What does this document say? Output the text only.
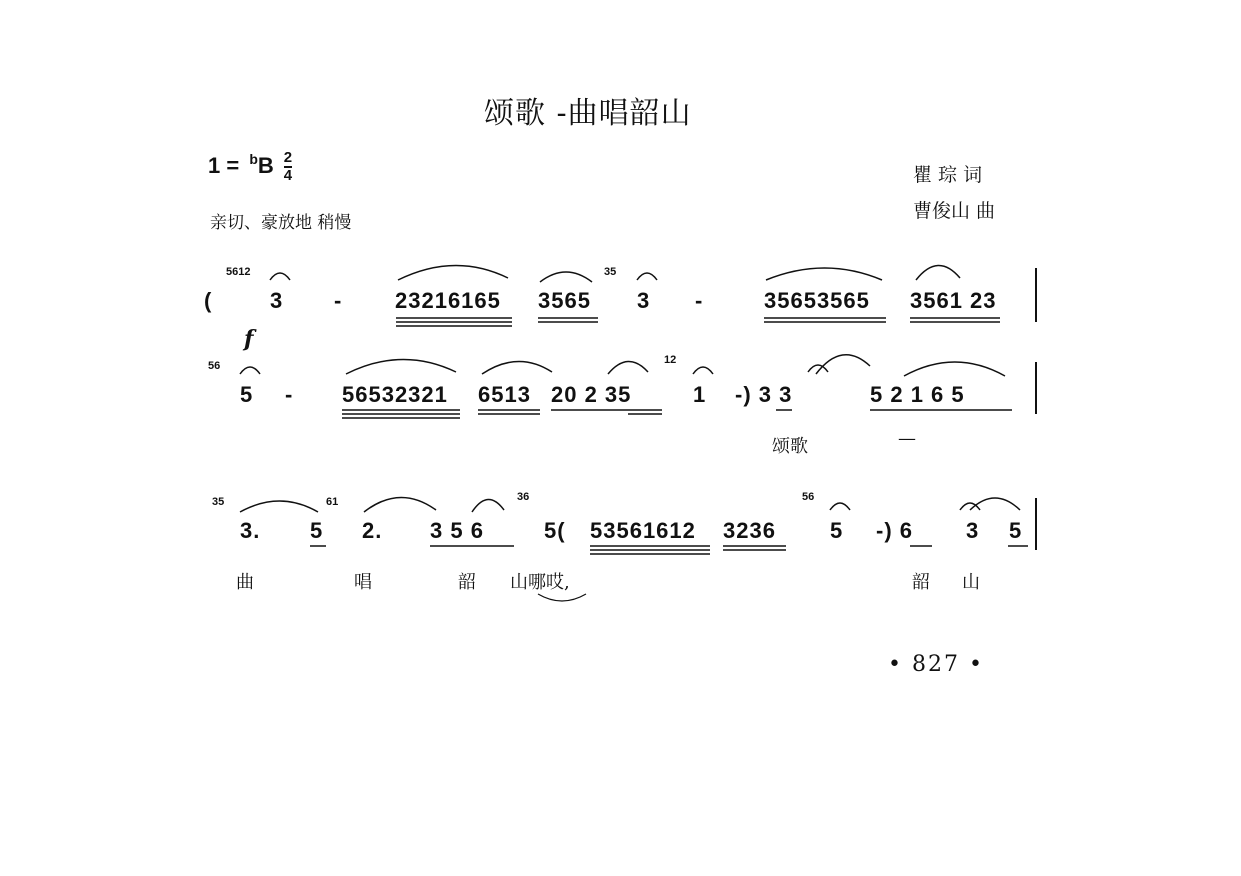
颂歌 -曲唱韶山
$1 = ^bB \frac{2}{4}$	瞿 琮 词
曹俊山 曲
亲切、豪放地 稍慢
5612	35
(	3 - 23216165 3565 3 -	35653565 3561 23
f
56	12
5 - 56532321 6513 20 2 35	1 -) 3 3	5 2 1 6 5
颂歌	—
35	61	36	56
3. 5 2. 3 5 6	5( 53561612 3236 5 -) 6 3 5
曲	唱	韶 山哪哎,	韶 山
• 827 •
